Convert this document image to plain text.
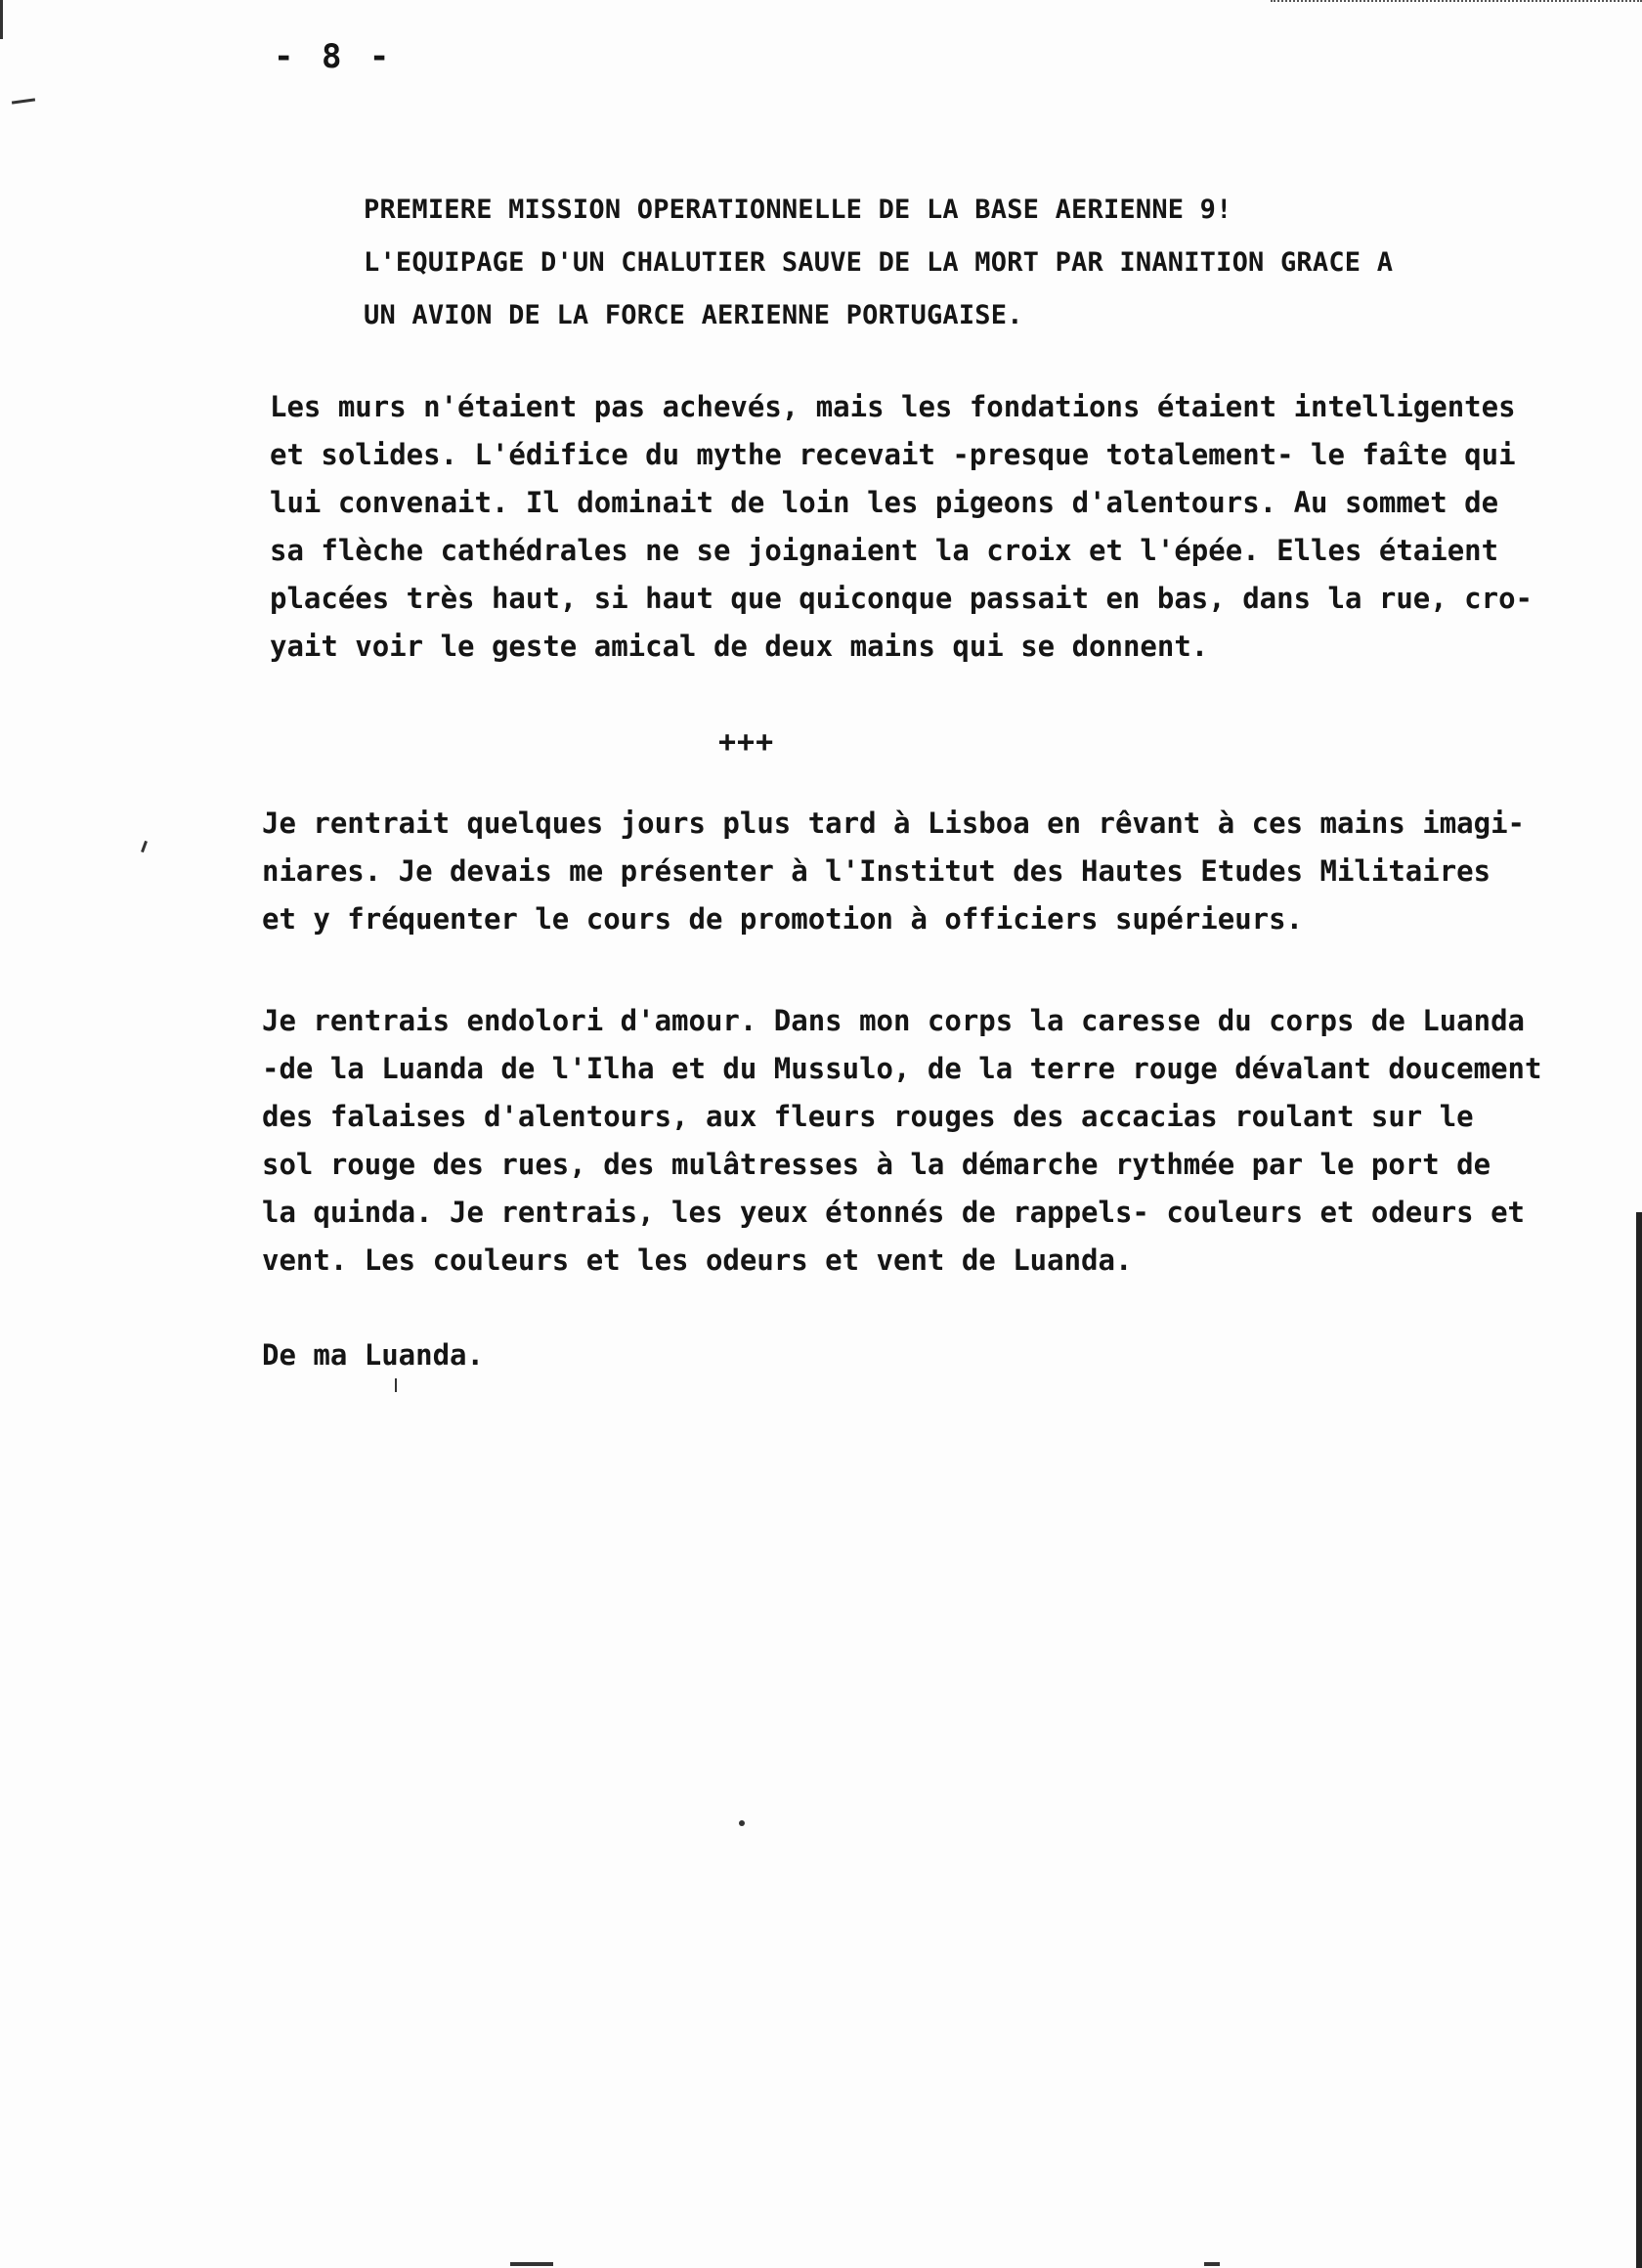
- 8 -
PREMIERE MISSION OPERATIONNELLE DE LA BASE AERIENNE 9!
L'EQUIPAGE D'UN CHALUTIER SAUVE DE LA MORT PAR INANITION GRACE A
UN AVION DE LA FORCE AERIENNE PORTUGAISE.
Les murs n'étaient pas achevés, mais les fondations étaient intelligentes
et solides. L'édifice du mythe recevait -presque totalement- le faîte qui
lui convenait. Il dominait de loin les pigeons d'alentours. Au sommet de
sa flèche cathédrales ne se joignaient la croix et l'épée. Elles étaient
placées très haut, si haut que quiconque passait en bas, dans la rue, cro-
yait voir le geste amical de deux mains qui se donnent.
+++
Je rentrait quelques jours plus tard à Lisboa en rêvant à ces mains imagi-
niares. Je devais me présenter à l'Institut des Hautes Etudes Militaires
et y fréquenter le cours de promotion à officiers supérieurs.
Je rentrais endolori d'amour. Dans mon corps la caresse du corps de Luanda
-de la Luanda de l'Ilha et du Mussulo, de la terre rouge dévalant doucement
des falaises d'alentours, aux fleurs rouges des accacias roulant sur le
sol rouge des rues, des mulâtresses à la démarche rythmée par le port de
la quinda. Je rentrais, les yeux étonnés de rappels- couleurs et odeurs et
vent. Les couleurs et les odeurs et vent de Luanda.
De ma Luanda.
